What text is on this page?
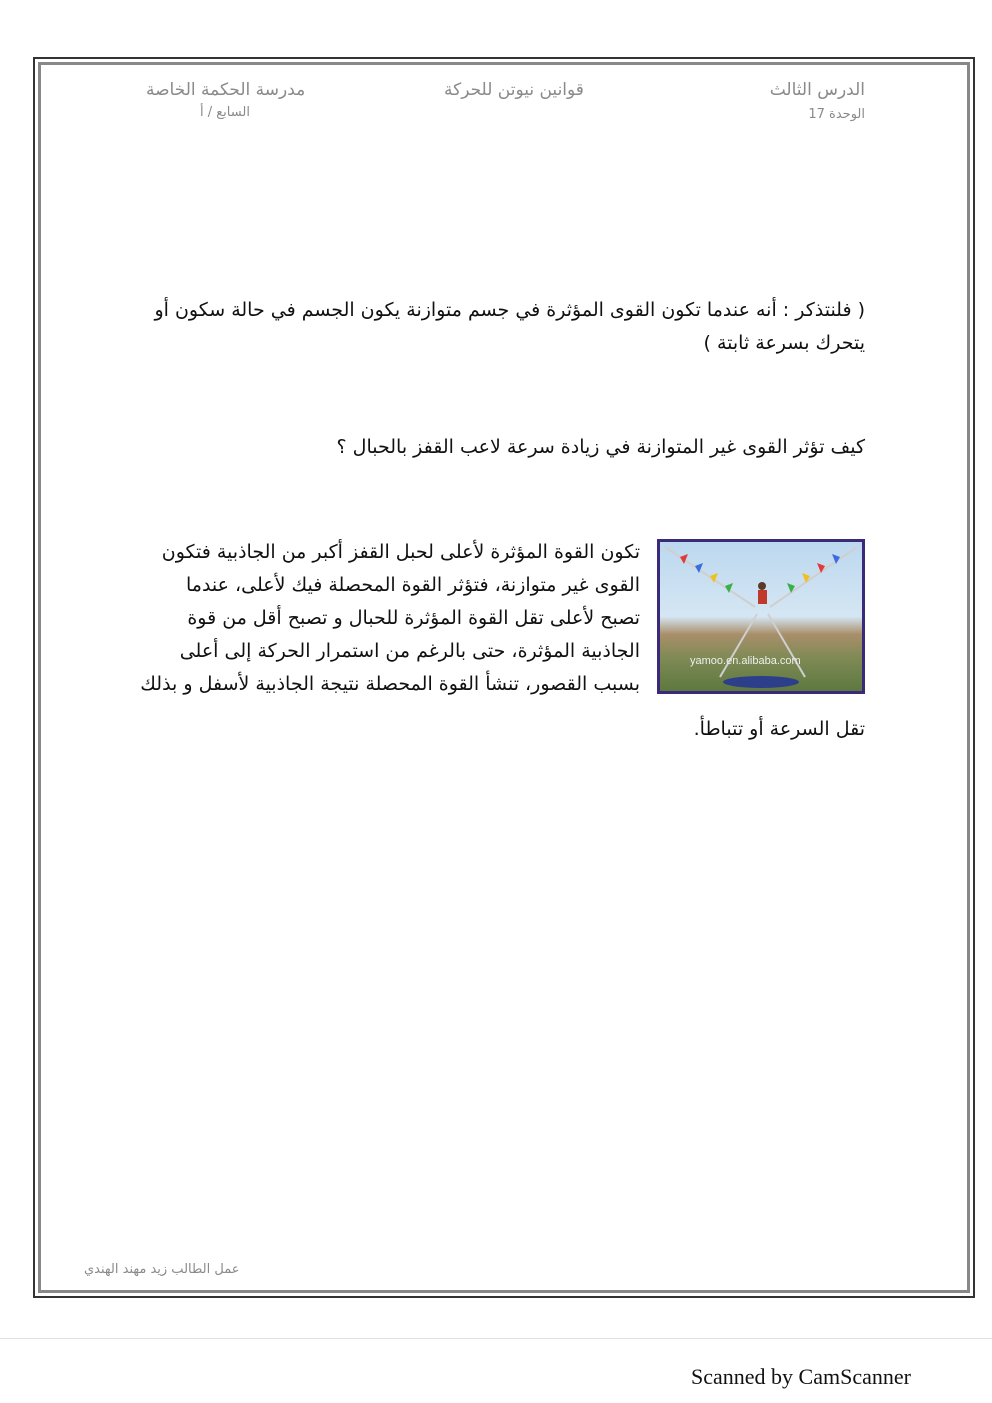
الدرس الثالث
الوحدة 17
قوانين نيوتن للحركة
مدرسة الحكمة الخاصة
السابع / أ
( فلنتذكر : أنه عندما تكون القوى المؤثرة في جسم متوازنة يكون الجسم في حالة سكون أو
يتحرك بسرعة ثابتة )
كيف تؤثر القوى غير المتوازنة في زيادة سرعة لاعب القفز بالحبال ؟
yamoo.en.alibaba.com
تكون القوة المؤثرة لأعلى لحبل القفز أكبر من الجاذبية فتكون
القوى غير متوازنة، فتؤثر القوة المحصلة فيك لأعلى، عندما
تصبح لأعلى تقل القوة المؤثرة للحبال و تصبح أقل من قوة
الجاذبية المؤثرة، حتى بالرغم من استمرار الحركة إلى أعلى
بسبب القصور، تنشأ القوة المحصلة نتيجة الجاذبية لأسفل و بذلك
تقل السرعة أو تتباطأ.
عمل الطالب زيد مهند الهندي
Scanned by CamScanner
